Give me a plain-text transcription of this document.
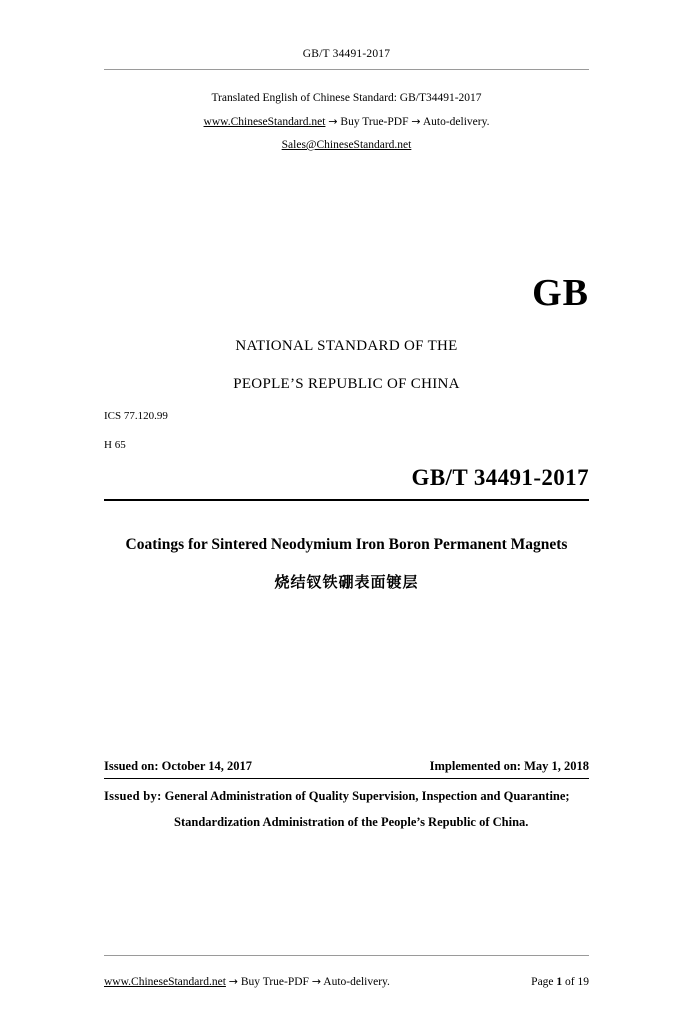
GB/T 34491-2017
Translated English of Chinese Standard: GB/T34491-2017
www.ChineseStandard.net → Buy True-PDF → Auto-delivery.
Sales@ChineseStandard.net
GB
NATIONAL STANDARD OF THE
PEOPLE’S REPUBLIC OF CHINA
ICS 77.120.99
H 65
GB/T 34491-2017
Coatings for Sintered Neodymium Iron Boron Permanent Magnets
烧结钗铁硼表面镀层
Issued on: October 14, 2017	Implemented on: May 1, 2018
Issued by: General Administration of Quality Supervision, Inspection and Quarantine;
Standardization Administration of the People’s Republic of China.
www.ChineseStandard.net → Buy True-PDF → Auto-delivery.	Page 1 of 19
